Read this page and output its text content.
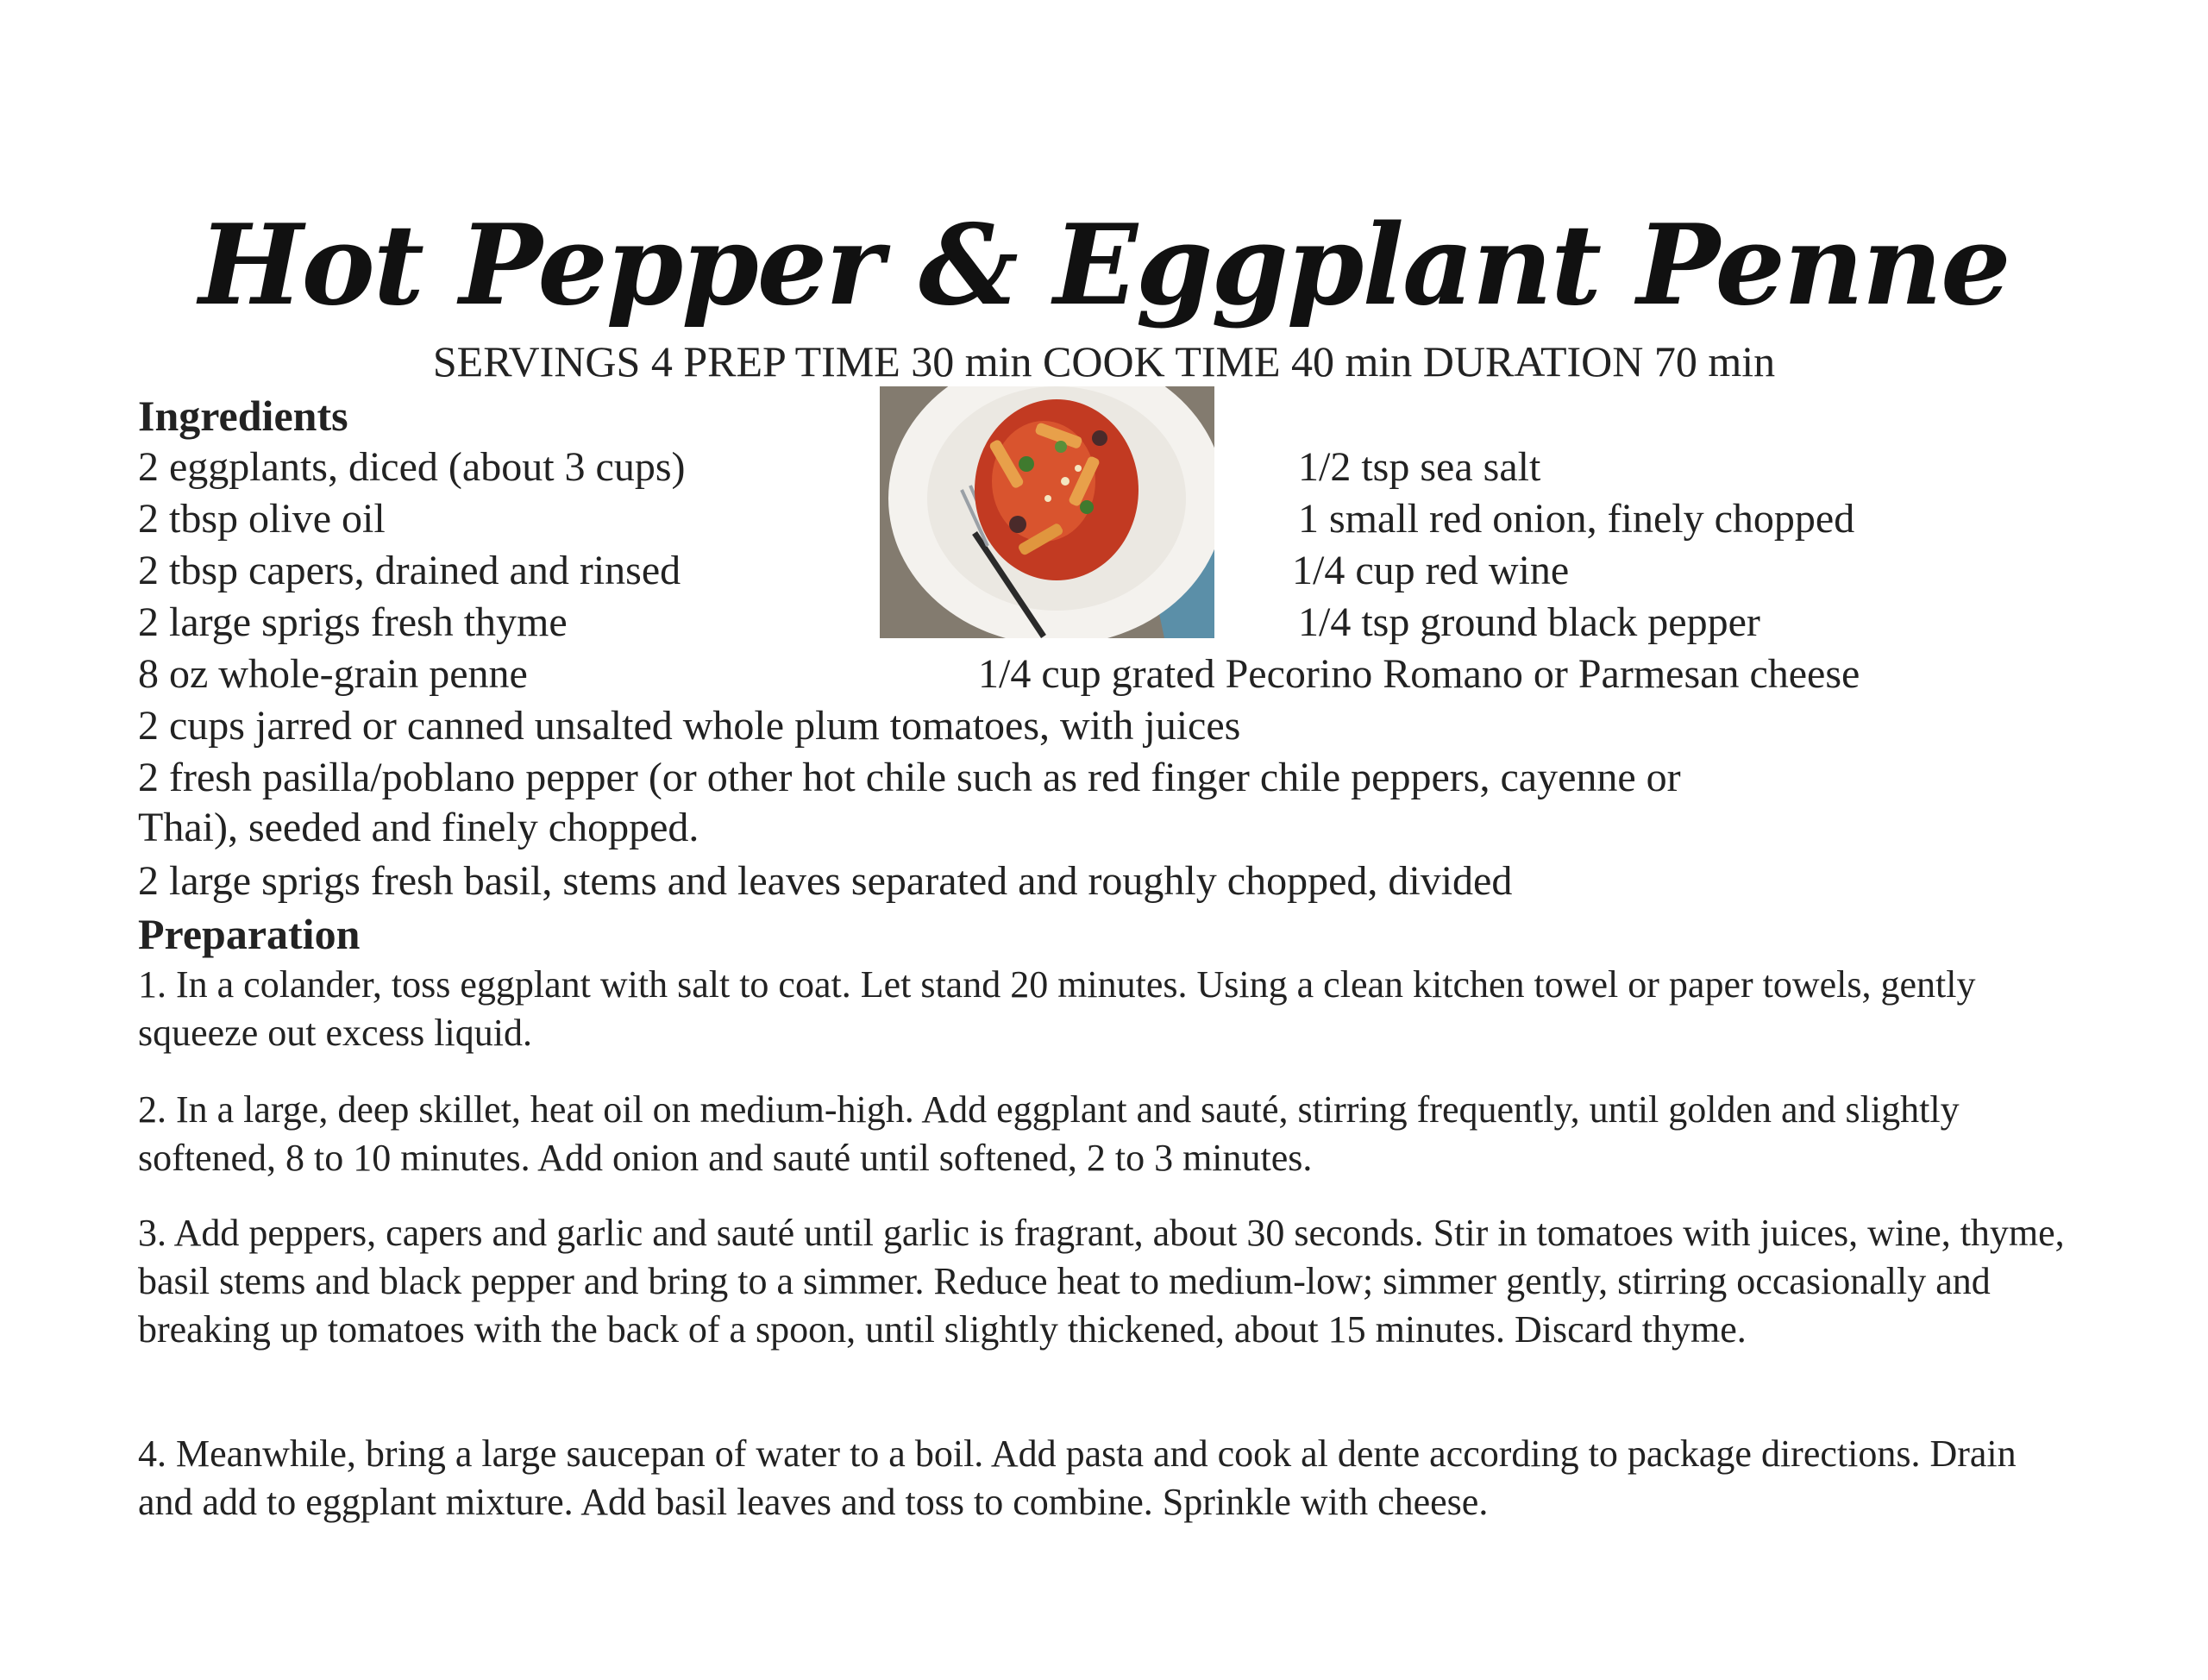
Hot Pepper & Eggplant Penne
SERVINGS 4 PREP TIME 30 min COOK TIME 40 min DURATION 70 min
Ingredients
2 eggplants, diced (about 3 cups)
2 tbsp olive oil
2 tbsp capers, drained and rinsed
2 large sprigs fresh thyme
8 oz whole-grain penne
1/2 tsp sea salt
1 small red onion, finely chopped
1/4 cup red wine
1/4 tsp ground black pepper
1/4 cup grated Pecorino Romano or Parmesan cheese
2 cups jarred or canned unsalted whole plum tomatoes, with juices
2 fresh pasilla/poblano pepper (or other hot chile such as red finger chile peppers, cayenne or
Thai), seeded and finely chopped.
2 large sprigs fresh basil, stems and leaves separated and roughly chopped, divided
Preparation
1. In a colander, toss eggplant with salt to coat. Let stand 20 minutes. Using a clean kitchen towel or paper towels, gently squeeze out excess liquid.
2. In a large, deep skillet, heat oil on medium-high. Add eggplant and sauté, stirring frequently, until golden and slightly softened, 8 to 10 minutes. Add onion and sauté until softened, 2 to 3 minutes.
3. Add peppers, capers and garlic and sauté until garlic is fragrant, about 30 seconds. Stir in tomatoes with juices, wine, thyme, basil stems and black pepper and bring to a simmer. Reduce heat to medium-low; simmer gently, stirring occasionally and breaking up tomatoes with the back of a spoon, until slightly thickened, about 15 minutes. Discard thyme.
4. Meanwhile, bring a large saucepan of water to a boil. Add pasta and cook al dente according to package directions. Drain and add to eggplant mixture. Add basil leaves and toss to combine. Sprinkle with cheese.
